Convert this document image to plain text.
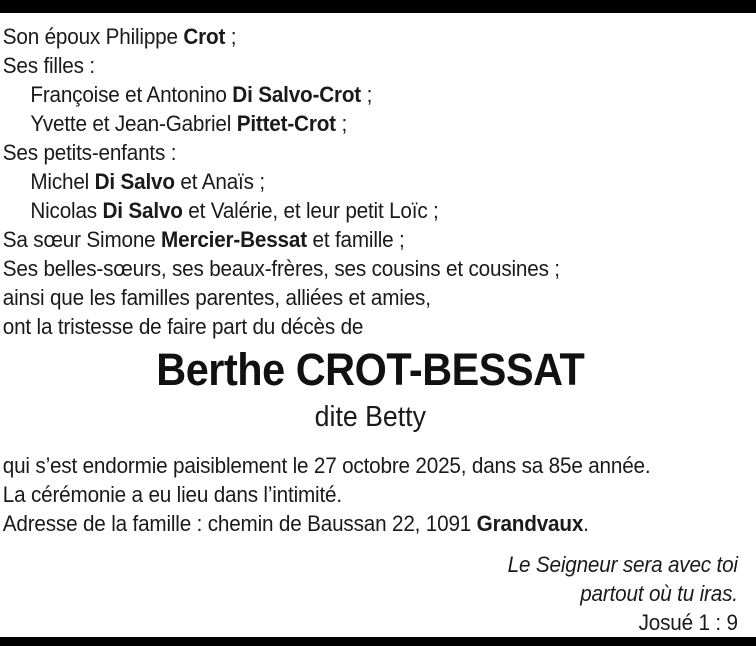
Son époux Philippe Crot ;
Ses filles :
Françoise et Antonino Di Salvo-Crot ;
Yvette et Jean-Gabriel Pittet-Crot ;
Ses petits-enfants :
Michel Di Salvo et Anaïs ;
Nicolas Di Salvo et Valérie, et leur petit Loïc ;
Sa sœur Simone Mercier-Bessat et famille ;
Ses belles-sœurs, ses beaux-frères, ses cousins et cousines ;
ainsi que les familles parentes, alliées et amies,
ont la tristesse de faire part du décès de
Berthe CROT-BESSAT
dite Betty
qui s’est endormie paisiblement le 27 octobre 2025, dans sa 85e année.
La cérémonie a eu lieu dans l’intimité.
Adresse de la famille : chemin de Baussan 22, 1091 Grandvaux.
Le Seigneur sera avec toi
partout où tu iras.
Josué 1 : 9
